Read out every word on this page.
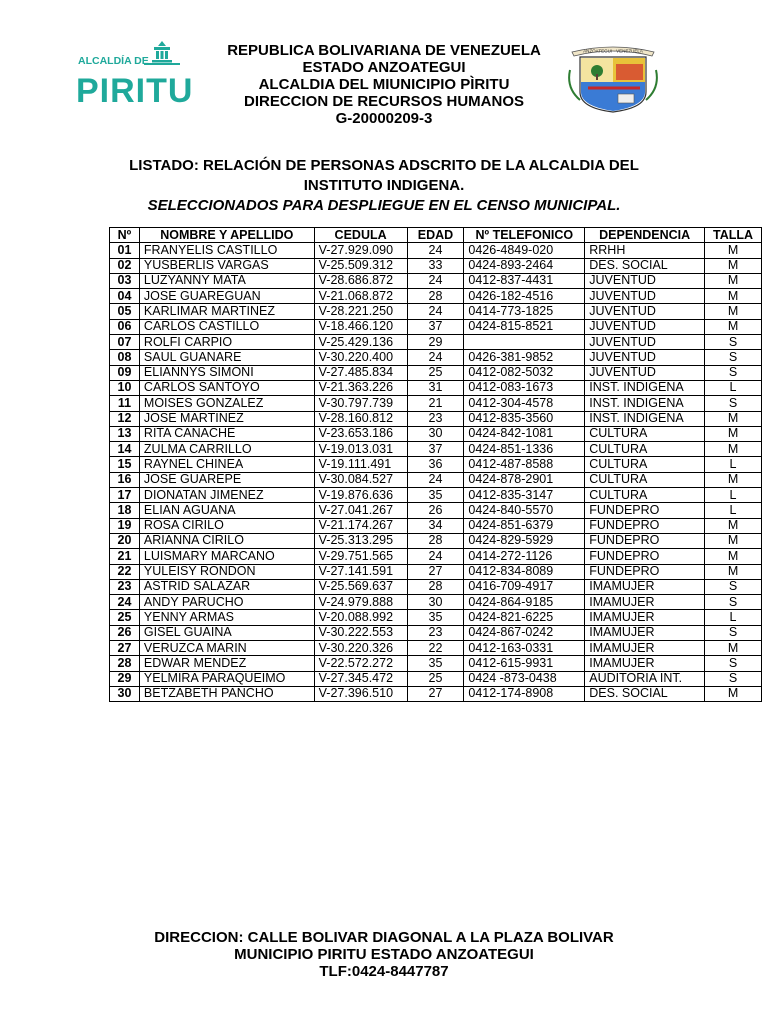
ALCALDÍA DE
PIRITU
REPUBLICA BOLIVARIANA DE VENEZUELA
ESTADO ANZOATEGUI
ALCALDIA DEL MIUNICIPIO PÌRITU
DIRECCION DE RECURSOS HUMANOS
G-20000209-3
ANZOATEGUI - VENEZUELA
LISTADO: RELACIÓN DE PERSONAS ADSCRITO DE LA ALCALDIA DEL
INSTITUTO INDIGENA.
SELECCIONADOS PARA DESPLIEGUE EN EL CENSO MUNICIPAL.
Nº	NOMBRE Y APELLIDO	CEDULA	EDAD	Nº TELEFONICO	DEPENDENCIA	TALLA
01	FRANYELIS CASTILLO	V-27.929.090	24	0426-4849-020	RRHH	M
02	YUSBERLIS VARGAS	V-25.509.312	33	0424-893-2464	DES. SOCIAL	M
03	LUZYANNY MATA	V-28.686.872	24	0412-837-4431	JUVENTUD	M
04	JOSE GUAREGUAN	V-21.068.872	28	0426-182-4516	JUVENTUD	M
05	KARLIMAR MARTINEZ	V-28.221.250	24	0414-773-1825	JUVENTUD	M
06	CARLOS CASTILLO	V-18.466.120	37	0424-815-8521	JUVENTUD	M
07	ROLFI CARPIO	V-25.429.136	29		JUVENTUD	S
08	SAUL GUANARE	V-30.220.400	24	0426-381-9852	JUVENTUD	S
09	ELIANNYS SIMONI	V-27.485.834	25	0412-082-5032	JUVENTUD	S
10	CARLOS SANTOYO	V-21.363.226	31	0412-083-1673	INST. INDIGENA	L
11	MOISES GONZALEZ	V-30.797.739	21	0412-304-4578	INST. INDIGENA	S
12	JOSE MARTINEZ	V-28.160.812	23	0412-835-3560	INST. INDIGENA	M
13	RITA CANACHE	V-23.653.186	30	0424-842-1081	CULTURA	M
14	ZULMA CARRILLO	V-19.013.031	37	0424-851-1336	CULTURA	M
15	RAYNEL CHINEA	V-19.111.491	36	0412-487-8588	CULTURA	L
16	JOSE GUAREPE	V-30.084.527	24	0424-878-2901	CULTURA	M
17	DIONATAN JIMENEZ	V-19.876.636	35	0412-835-3147	CULTURA	L
18	ELIAN AGUANA	V-27.041.267	26	0424-840-5570	FUNDEPRO	L
19	ROSA CIRILO	V-21.174.267	34	0424-851-6379	FUNDEPRO	M
20	ARIANNA CIRILO	V-25.313.295	28	0424-829-5929	FUNDEPRO	M
21	LUISMARY MARCANO	V-29.751.565	24	0414-272-1126	FUNDEPRO	M
22	YULEISY RONDON	V-27.141.591	27	0412-834-8089	FUNDEPRO	M
23	ASTRID SALAZAR	V-25.569.637	28	0416-709-4917	IMAMUJER	S
24	ANDY PARUCHO	V-24.979.888	30	0424-864-9185	IMAMUJER	S
25	YENNY ARMAS	V-20.088.992	35	0424-821-6225	IMAMUJER	L
26	GISEL GUAINA	V-30.222.553	23	0424-867-0242	IMAMUJER	S
27	VERUZCA MARIN	V-30.220.326	22	0412-163-0331	IMAMUJER	M
28	EDWAR MENDEZ	V-22.572.272	35	0412-615-9931	IMAMUJER	S
29	YELMIRA PARAQUEIMO	V-27.345.472	25	0424 -873-0438	AUDITORIA INT.	S
30	BETZABETH PANCHO	V-27.396.510	27	0412-174-8908	DES. SOCIAL	M
DIRECCION: CALLE BOLIVAR DIAGONAL A LA PLAZA BOLIVAR
MUNICIPIO PIRITU ESTADO ANZOATEGUI
TLF:0424-8447787
